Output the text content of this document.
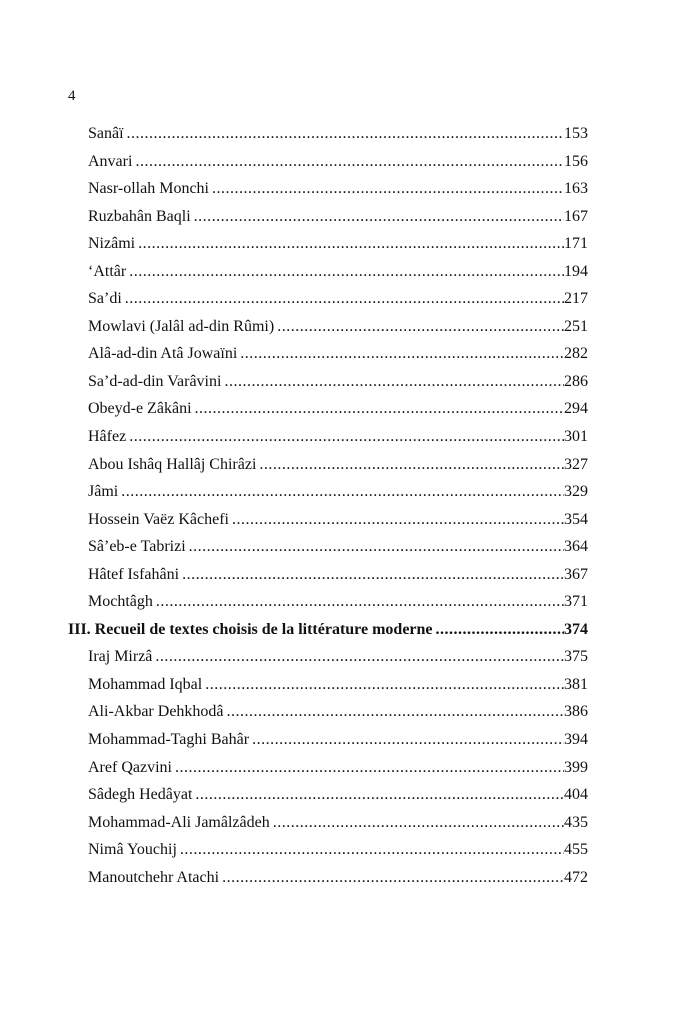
4
Sanâï .....	153
Anvari .....	156
Nasr-ollah Monchi .....	163
Ruzbahân Baqli .....	167
Nizâmi .....	171
‘Attâr .....	194
Sa’di .....	217
Mowlavi (Jalâl ad-din Rûmi) .....	251
Alâ-ad-din Atâ Jowaïni .....	282
Sa’d-ad-din Varâvini .....	286
Obeyd-e Zâkâni .....	294
Hâfez .....	301
Abou Ishâq Hallâj Chirâzi .....	327
Jâmi .....	329
Hossein Vaëz Kâchefi .....	354
Sâ’eb-e Tabrizi .....	364
Hâtef Isfahâni .....	367
Mochtâgh .....	371
III. Recueil de textes choisis de la littérature moderne .....	374
Iraj Mirzâ .....	375
Mohammad Iqbal .....	381
Ali-Akbar Dehkhodâ .....	386
Mohammad-Taghi Bahâr .....	394
Aref Qazvini .....	399
Sâdegh Hedâyat .....	404
Mohammad-Ali Jamâlzâdeh .....	435
Nimâ Youchij .....	455
Manoutchehr Atachi .....	472
